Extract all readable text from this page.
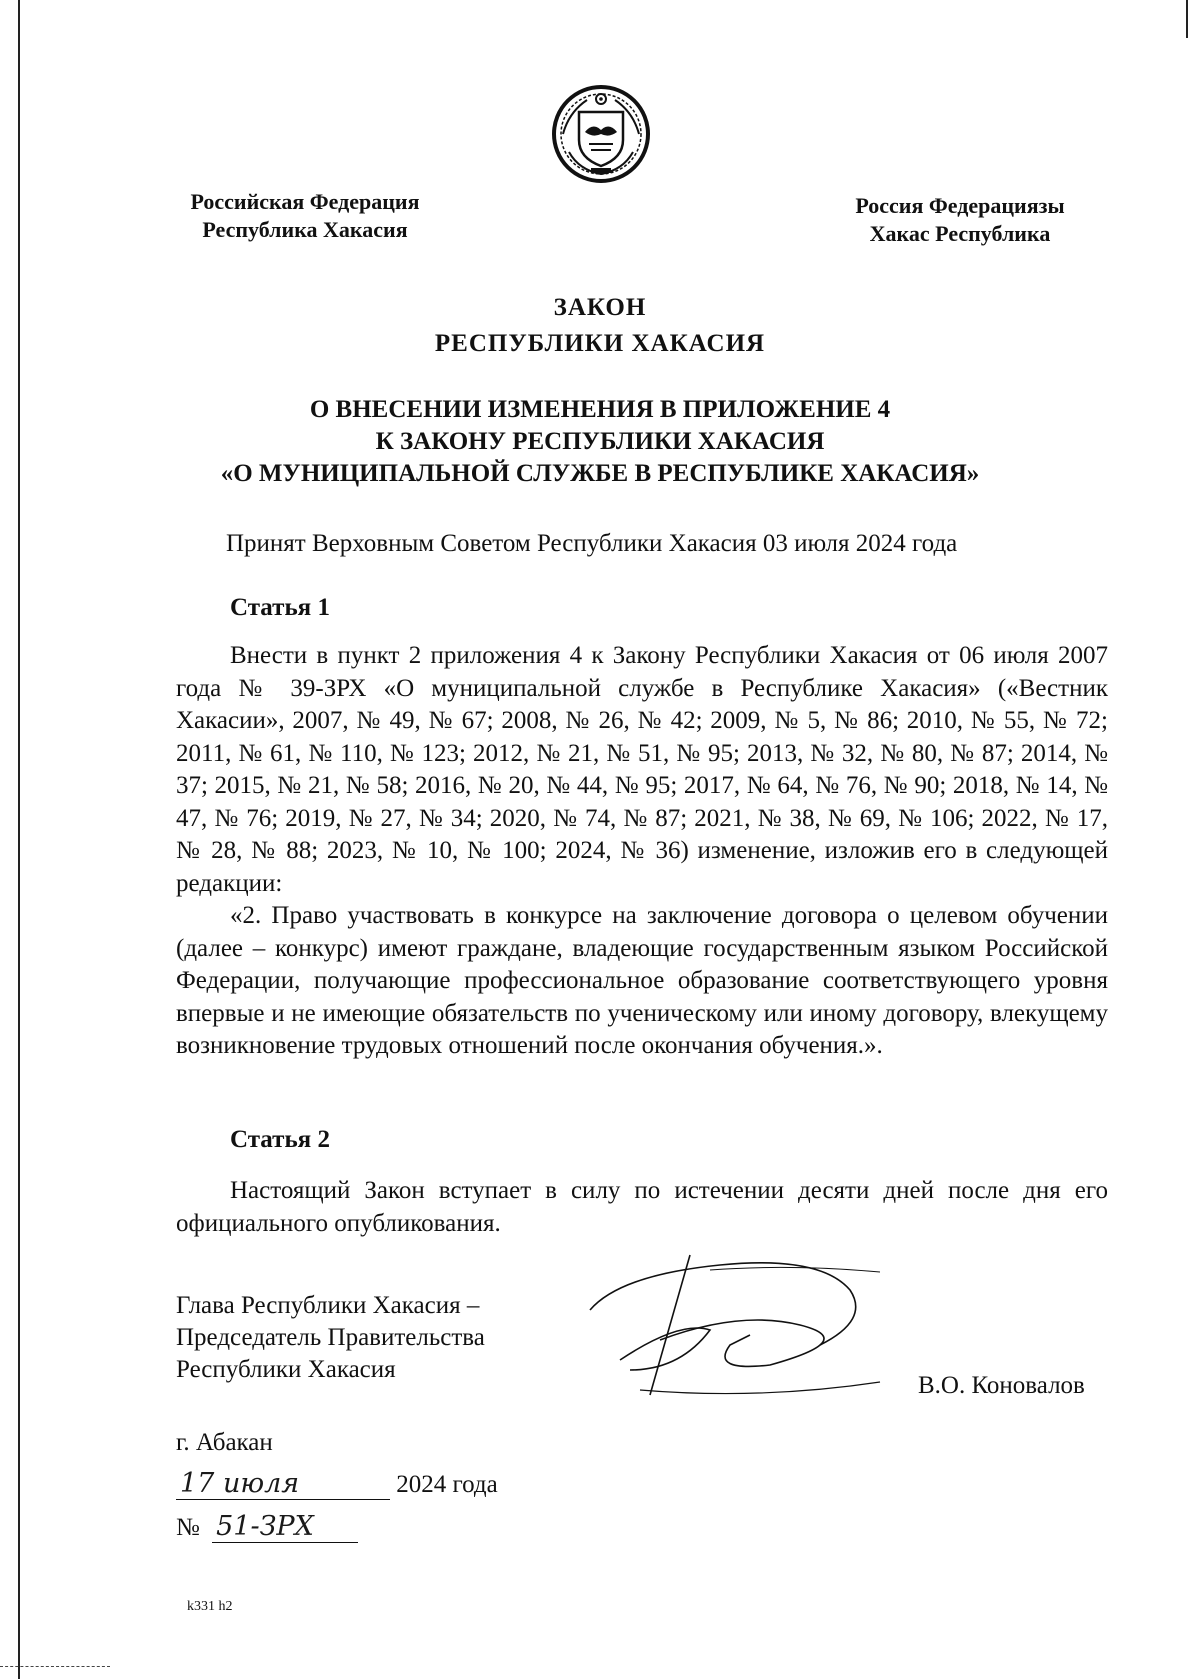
Российская Федерация
Республика Хакасия
Россия Федерациязы
Хакас Республика
ЗАКОН
РЕСПУБЛИКИ ХАКАСИЯ
О ВНЕСЕНИИ ИЗМЕНЕНИЯ В ПРИЛОЖЕНИЕ 4
К ЗАКОНУ РЕСПУБЛИКИ ХАКАСИЯ
«О МУНИЦИПАЛЬНОЙ СЛУЖБЕ В РЕСПУБЛИКЕ ХАКАСИЯ»
Принят Верховным Советом Республики Хакасия 03 июля 2024 года
Статья 1

Внести в пункт 2 приложения 4 к Закону Республики Хакасия от 06 июля 2007 года № 39-ЗРХ «О муниципальной службе в Республике Хакасия» («Вестник Хакасии», 2007, № 49, № 67; 2008, № 26, № 42; 2009, № 5, № 86; 2010, № 55, № 72; 2011, № 61, № 110, № 123; 2012, № 21, № 51, № 95; 2013, № 32, № 80, № 87; 2014, № 37; 2015, № 21, № 58; 2016, № 20, № 44, № 95; 2017, № 64, № 76, № 90; 2018, № 14, № 47, № 76; 2019, № 27, № 34; 2020, № 74, № 87; 2021, № 38, № 69, № 106; 2022, № 17, № 28, № 88; 2023, № 10, № 100; 2024, № 36) изменение, изложив его в следующей редакции:

«2. Право участвовать в конкурсе на заключение договора о целевом обучении (далее – конкурс) имеют граждане, владеющие государственным языком Российской Федерации, получающие профессиональное образование соответствующего уровня впервые и не имеющие обязательств по ученическому или иному договору, влекущему возникновение трудовых отношений после окончания обучения.».

Статья 2

Настоящий Закон вступает в силу по истечении десяти дней после дня его официального опубликования.

Глава Республики Хакасия –
Председатель Правительства
Республики Хакасия
В.О. Коновалов
г. Абакан
17 июля	2024 года
№ 51-ЗРХ
k331 h2
